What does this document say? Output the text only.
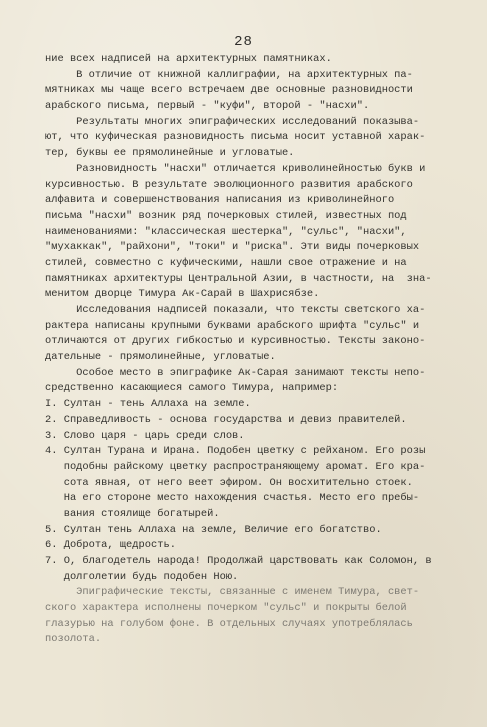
28
ние всех надписей на архитектурных памятниках.
В отличие от книжной каллиграфии, на архитектурных па-
мятниках мы чаще всего встречаем две основные разновидности
арабского письма, первый - "куфи", второй - "насхи".
Результаты многих эпиграфических исследований показыва-
ют, что куфическая разновидность письма носит уставной харак-
тер, буквы ее прямолинейные и угловатые.
Разновидность "насхи" отличается криволинейностью букв и
курсивностью. В результате эволюционного развития арабского
алфавита и совершенствования написания из криволинейного
письма "насхи" возник ряд почерковых стилей, известных под
наименованиями: "классическая шестерка", "сульс", "насхи",
"мухаккак", "райхони", "токи" и "риска". Эти виды почерковых
стилей, совместно с куфическими, нашли свое отражение и на
памятниках архитектуры Центральной Азии, в частности, на  зна-
менитом дворце Тимура Ак-Сарай в Шахрисябзе.
Исследования надписей показали, что тексты светского ха-
рактера написаны крупными буквами арабского шрифта "сульс" и
отличаются от других гибкостью и курсивностью. Тексты законо-
дательные - прямолинейные, угловатые.
Особое место в эпиграфике Ак-Сарая занимают тексты непо-
средственно касающиеся самого Тимура, например:
I. Султан - тень Аллаха на земле.
2. Справедливость - основа государства и девиз правителей.
3. Слово царя - царь среди слов.
4. Султан Турана и Ирана. Подобен цветку с рейханом. Его розы
подобны райскому цветку распространяющему аромат. Его кра-
сота явная, от него веет эфиром. Он восхитительно стоек.
На его стороне место нахождения счастья. Место его пребы-
вания стоялище богатырей.
5. Султан тень Аллаха на земле, Величие его богатство.
6. Доброта, щедрость.
7. О, благодетель народа! Продолжай царствовать как Соломон, в
долголетии будь подобен Ною.
Эпиграфические тексты, связанные с именем Тимура, свет-
ского характера исполнены почерком "сульс" и покрыты белой
глазурью на голубом фоне. В отдельных случаях употреблялась
позолота.
